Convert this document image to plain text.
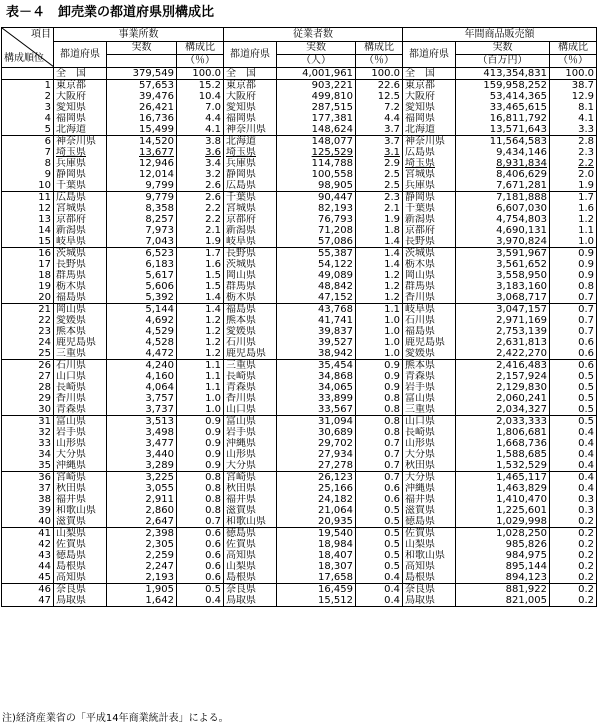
表－４　卸売業の都道府県別構成比
項目
構成順位	事業所数			従業者数			年間商品販売額		
	都道府県	実数	構成比	都道府県	実数	構成比	都道府県	実数	構成比
			（％）		（人）	（％）		（百万円）	（％）
	全　国	379,549	100.0	全　国	4,001,961	100.0	全　国	413,354,831	100.0
1	東京都	57,653	15.2	東京都	903,221	22.6	東京都	159,958,252	38.7
2	大阪府	39,476	10.4	大阪府	499,810	12.5	大阪府	53,414,365	12.9
3	愛知県	26,421	7.0	愛知県	287,515	7.2	愛知県	33,465,615	8.1
4	福岡県	16,736	4.4	福岡県	177,381	4.4	福岡県	16,811,792	4.1
5	北海道	15,499	4.1	神奈川県	148,624	3.7	北海道	13,571,643	3.3
6	神奈川県	14,520	3.8	北海道	148,077	3.7	神奈川県	11,564,583	2.8
7	埼玉県	13,677	3.6	埼玉県	125,529	3.1	広島県	9,434,146	2.3
8	兵庫県	12,946	3.4	兵庫県	114,788	2.9	埼玉県	8,931,834	2.2
9	静岡県	12,014	3.2	静岡県	100,558	2.5	宮城県	8,406,629	2.0
10	千葉県	9,799	2.6	広島県	98,905	2.5	兵庫県	7,671,281	1.9
11	広島県	9,779	2.6	千葉県	90,447	2.3	静岡県	7,181,888	1.7
12	宮城県	8,358	2.2	宮城県	82,193	2.1	千葉県	6,607,030	1.6
13	京都府	8,257	2.2	京都府	76,793	1.9	新潟県	4,754,803	1.2
14	新潟県	7,973	2.1	新潟県	71,208	1.8	京都府	4,690,131	1.1
15	岐阜県	7,043	1.9	岐阜県	57,086	1.4	長野県	3,970,824	1.0
16	茨城県	6,523	1.7	長野県	55,387	1.4	茨城県	3,591,967	0.9
17	長野県	6,183	1.6	茨城県	54,122	1.4	栃木県	3,561,652	0.9
18	群馬県	5,617	1.5	岡山県	49,089	1.2	岡山県	3,558,950	0.9
19	栃木県	5,606	1.5	群馬県	48,842	1.2	群馬県	3,183,160	0.8
20	福島県	5,392	1.4	栃木県	47,152	1.2	香川県	3,068,717	0.7
21	岡山県	5,144	1.4	福島県	43,768	1.1	岐阜県	3,047,157	0.7
22	愛媛県	4,692	1.2	熊本県	41,741	1.0	石川県	2,971,169	0.7
23	熊本県	4,529	1.2	愛媛県	39,837	1.0	福島県	2,753,139	0.7
24	鹿児島県	4,528	1.2	石川県	39,527	1.0	鹿児島県	2,631,813	0.6
25	三重県	4,472	1.2	鹿児島県	38,942	1.0	愛媛県	2,422,270	0.6
26	石川県	4,240	1.1	三重県	35,454	0.9	熊本県	2,416,483	0.6
27	山口県	4,160	1.1	長崎県	34,868	0.9	青森県	2,157,924	0.5
28	長崎県	4,064	1.1	青森県	34,065	0.9	岩手県	2,129,830	0.5
29	香川県	3,757	1.0	香川県	33,899	0.8	富山県	2,060,241	0.5
30	青森県	3,737	1.0	山口県	33,567	0.8	三重県	2,034,327	0.5
31	富山県	3,513	0.9	富山県	31,094	0.8	山口県	2,033,333	0.5
32	岩手県	3,498	0.9	岩手県	30,689	0.8	長崎県	1,806,681	0.4
33	山形県	3,477	0.9	沖縄県	29,702	0.7	山形県	1,668,736	0.4
34	大分県	3,440	0.9	山形県	27,934	0.7	大分県	1,588,685	0.4
35	沖縄県	3,289	0.9	大分県	27,278	0.7	秋田県	1,532,529	0.4
36	宮崎県	3,225	0.8	宮崎県	26,123	0.7	大分県	1,465,117	0.4
37	秋田県	3,055	0.8	秋田県	25,166	0.6	沖縄県	1,463,829	0.4
38	福井県	2,911	0.8	福井県	24,182	0.6	福井県	1,410,470	0.3
39	和歌山県	2,860	0.8	滋賀県	21,064	0.5	滋賀県	1,225,601	0.3
40	滋賀県	2,647	0.7	和歌山県	20,935	0.5	徳島県	1,029,998	0.2
41	山梨県	2,398	0.6	徳島県	19,540	0.5	佐賀県	1,028,250	0.2
42	佐賀県	2,305	0.6	佐賀県	18,984	0.5	山梨県	985,826	0.2
43	徳島県	2,259	0.6	高知県	18,407	0.5	和歌山県	984,975	0.2
44	島根県	2,247	0.6	山梨県	18,307	0.5	高知県	895,144	0.2
45	高知県	2,193	0.6	島根県	17,658	0.4	島根県	894,123	0.2
46	奈良県	1,905	0.5	奈良県	16,459	0.4	奈良県	881,922	0.2
47	鳥取県	1,642	0.4	鳥取県	15,512	0.4	鳥取県	821,005	0.2
注)経済産業省の「平成14年商業統計表」による。
